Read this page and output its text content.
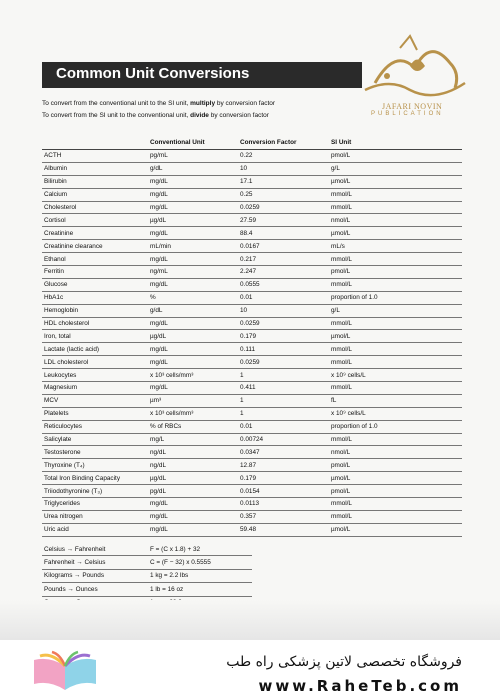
Common Unit Conversions
JAFARI NOVIN
PUBLICATION
To convert from the conventional unit to the SI unit, multiply by conversion factor
To convert from the SI unit to the conventional unit, divide by conversion factor
	Conventional Unit	Conversion Factor	SI Unit
ACTH	pg/mL	0.22	pmol/L
Albumin	g/dL	10	g/L
Bilirubin	mg/dL	17.1	µmol/L
Calcium	mg/dL	0.25	mmol/L
Cholesterol	mg/dL	0.0259	mmol/L
Cortisol	µg/dL	27.59	nmol/L
Creatinine	mg/dL	88.4	µmol/L
Creatinine clearance	mL/min	0.0167	mL/s
Ethanol	mg/dL	0.217	mmol/L
Ferritin	ng/mL	2.247	pmol/L
Glucose	mg/dL	0.0555	mmol/L
HbA1c	%	0.01	proportion of 1.0
Hemoglobin	g/dL	10	g/L
HDL cholesterol	mg/dL	0.0259	mmol/L
Iron, total	µg/dL	0.179	µmol/L
Lactate (lactic acid)	mg/dL	0.111	mmol/L
LDL cholesterol	mg/dL	0.0259	mmol/L
Leukocytes	x 10³ cells/mm³	1	x 10⁹ cells/L
Magnesium	mg/dL	0.411	mmol/L
MCV	µm³	1	fL
Platelets	x 10³ cells/mm³	1	x 10⁹ cells/L
Reticulocytes	% of RBCs	0.01	proportion of 1.0
Salicylate	mg/L	0.00724	mmol/L
Testosterone	ng/dL	0.0347	nmol/L
Thyroxine (T₄)	ng/dL	12.87	pmol/L
Total Iron Binding Capacity	µg/dL	0.179	µmol/L
Triiodothyronine (T₃)	pg/dL	0.0154	pmol/L
Triglycerides	mg/dL	0.0113	mmol/L
Urea nitrogen	mg/dL	0.357	mmol/L
Uric acid	mg/dL	59.48	µmol/L
Celsius → Fahrenheit	F = (C x 1.8) + 32
Fahrenheit → Celsius	C = (F − 32) x 0.5555
Kilograms → Pounds	1 kg = 2.2 lbs
Pounds → Ounces	1 lb = 16 oz

فروشگاه تخصصی لاتین پزشکی راه طب
www.RaheTeb.com
